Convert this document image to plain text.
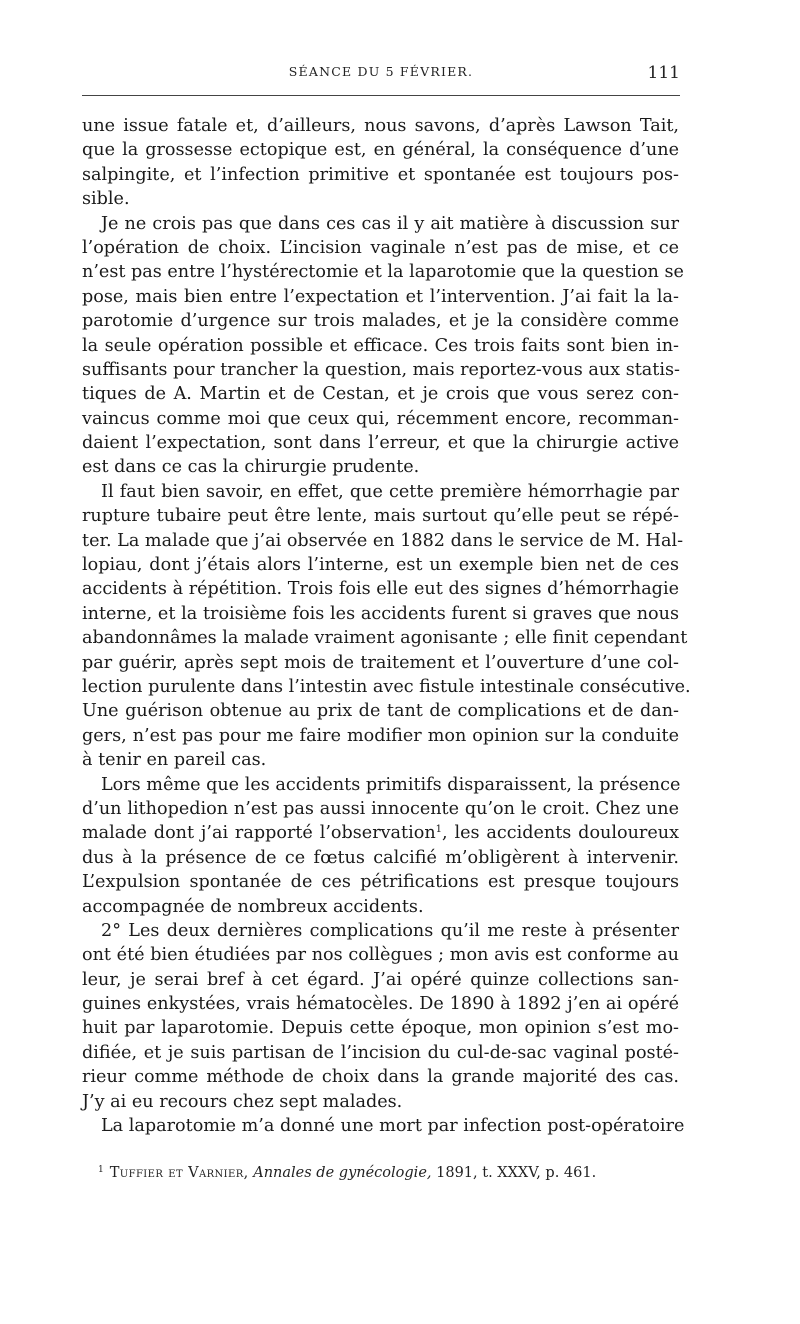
SÉANCE DU 5 FÉVRIER.	111
une issue fatale et, d’ailleurs, nous savons, d’après Lawson Tait,
que la grossesse ectopique est, en général, la conséquence d’une
salpingite, et l’infection primitive et spontanée est toujours pos-
sible.
Je ne crois pas que dans ces cas il y ait matière à discussion sur
l’opération de choix. L’incision vaginale n’est pas de mise, et ce
n’est pas entre l’hystérectomie et la laparotomie que la question se
pose, mais bien entre l’expectation et l’intervention. J’ai fait la la-
parotomie d’urgence sur trois malades, et je la considère comme
la seule opération possible et efficace. Ces trois faits sont bien in-
suffisants pour trancher la question, mais reportez-vous aux statis-
tiques de A. Martin et de Cestan, et je crois que vous serez con-
vaincus comme moi que ceux qui, récemment encore, recomman-
daient l’expectation, sont dans l’erreur, et que la chirurgie active
est dans ce cas la chirurgie prudente.
Il faut bien savoir, en effet, que cette première hémorrhagie par
rupture tubaire peut être lente, mais surtout qu’elle peut se répé-
ter. La malade que j’ai observée en 1882 dans le service de M. Hal-
lopiau, dont j’étais alors l’interne, est un exemple bien net de ces
accidents à répétition. Trois fois elle eut des signes d’hémorrhagie
interne, et la troisième fois les accidents furent si graves que nous
abandonnâmes la malade vraiment agonisante ; elle finit cependant
par guérir, après sept mois de traitement et l’ouverture d’une col-
lection purulente dans l’intestin avec fistule intestinale consécutive.
Une guérison obtenue au prix de tant de complications et de dan-
gers, n’est pas pour me faire modifier mon opinion sur la conduite
à tenir en pareil cas.
Lors même que les accidents primitifs disparaissent, la présence
d’un lithopedion n’est pas aussi innocente qu’on le croit. Chez une
malade dont j’ai rapporté l’observation$^1$, les accidents douloureux
dus à la présence de ce fœtus calcifié m’obligèrent à intervenir.
L’expulsion spontanée de ces pétrifications est presque toujours
accompagnée de nombreux accidents.
2° Les deux dernières complications qu’il me reste à présenter
ont été bien étudiées par nos collègues ; mon avis est conforme au
leur, je serai bref à cet égard. J’ai opéré quinze collections san-
guines enkystées, vrais hématocèles. De 1890 à 1892 j’en ai opéré
huit par laparotomie. Depuis cette époque, mon opinion s’est mo-
difiée, et je suis partisan de l’incision du cul-de-sac vaginal posté-
rieur comme méthode de choix dans la grande majorité des cas.
J’y ai eu recours chez sept malades.
La laparotomie m’a donné une mort par infection post-opératoire
$^1$ Tuffier et Varnier, Annales de gynécologie, 1891, t. XXXV, p. 461.
